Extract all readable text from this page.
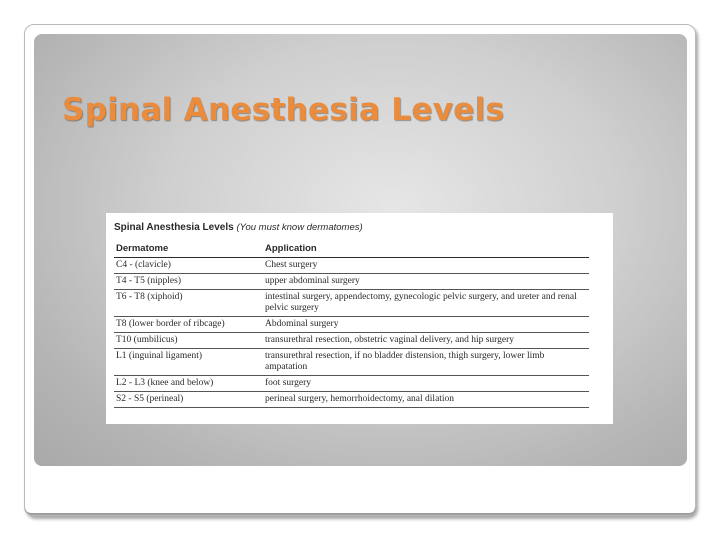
Spinal Anesthesia Levels
Spinal Anesthesia Levels (You must know dermatomes)
Dermatome	Application
C4 - (clavicle)	Chest surgery
T4 - T5 (nipples)	upper abdominal surgery
T6 - T8 (xiphoid)	intestinal surgery, appendectomy, gynecologic pelvic surgery, and ureter and renal pelvic surgery
T8 (lower border of ribcage)	Abdominal surgery
T10 (umbilicus)	transurethral resection, obstetric vaginal delivery, and hip surgery
L1 (inguinal ligament)	transurethral resection, if no bladder distension, thigh surgery, lower limb ampatation
L2 - L3 (knee and below)	foot surgery
S2 - S5 (perineal)	perineal surgery, hemorrhoidectomy, anal dilation
